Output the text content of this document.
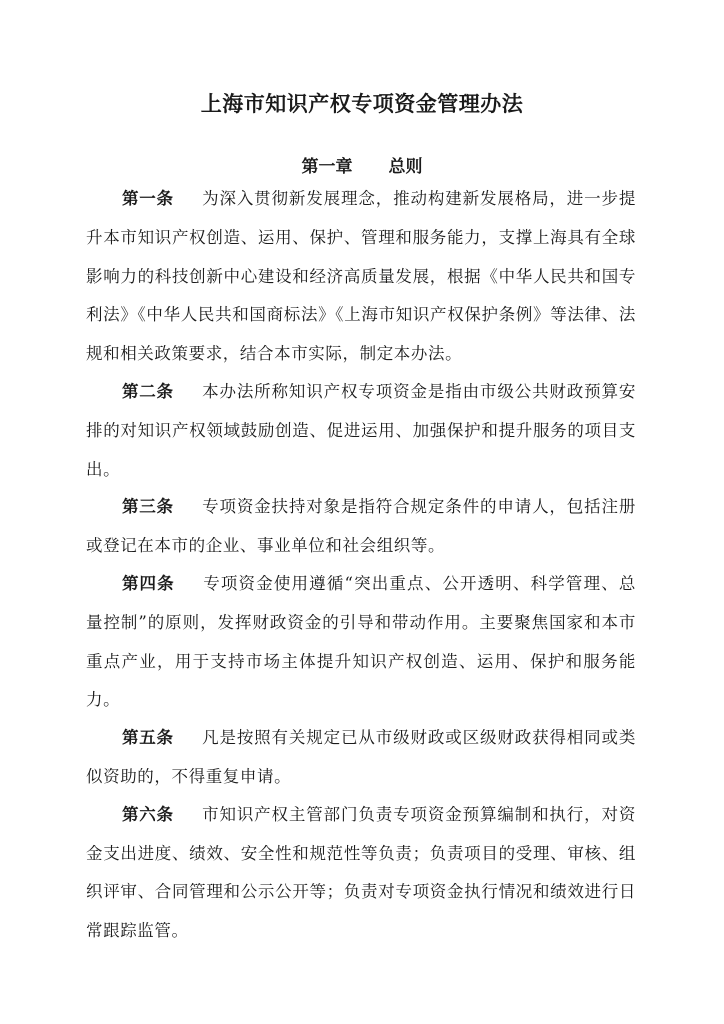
上海市知识产权专项资金管理办法
第一章 总则

第一条 为深入贯彻新发展理念，推动构建新发展格局，进一步提升本市知识产权创造、运用、保护、管理和服务能力，支撑上海具有全球影响力的科技创新中心建设和经济高质量发展，根据《中华人民共和国专利法》《中华人民共和国商标法》《上海市知识产权保护条例》等法律、法规和相关政策要求，结合本市实际，制定本办法。

第二条 本办法所称知识产权专项资金是指由市级公共财政预算安排的对知识产权领域鼓励创造、促进运用、加强保护和提升服务的项目支出。

第三条 专项资金扶持对象是指符合规定条件的申请人，包括注册或登记在本市的企业、事业单位和社会组织等。

第四条 专项资金使用遵循“突出重点、公开透明、科学管理、总量控制”的原则，发挥财政资金的引导和带动作用。主要聚焦国家和本市重点产业，用于支持市场主体提升知识产权创造、运用、保护和服务能力。

第五条 凡是按照有关规定已从市级财政或区级财政获得相同或类似资助的，不得重复申请。

第六条 市知识产权主管部门负责专项资金预算编制和执行，对资金支出进度、绩效、安全性和规范性等负责；负责项目的受理、审核、组织评审、合同管理和公示公开等；负责对专项资金执行情况和绩效进行日常跟踪监管。
